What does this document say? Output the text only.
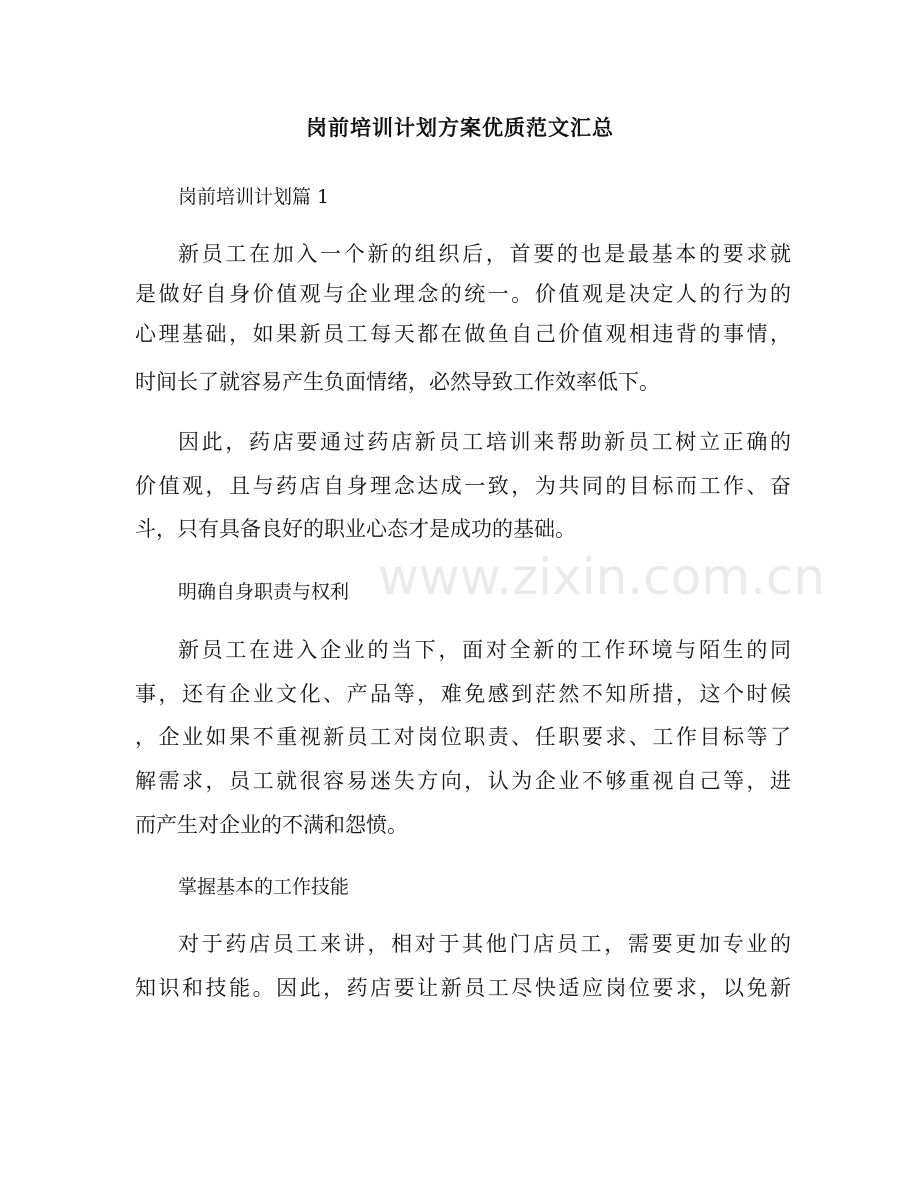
岗前培训计划方案优质范文汇总
岗前培训计划篇 1
新员工在加入一个新的组织后，首要的也是最基本的要求就
是做好自身价值观与企业理念的统一。价值观是决定人的行为的
心理基础，如果新员工每天都在做鱼自己价值观相违背的事情，
时间长了就容易产生负面情绪，必然导致工作效率低下。
因此，药店要通过药店新员工培训来帮助新员工树立正确的
价值观，且与药店自身理念达成一致，为共同的目标而工作、奋
斗，只有具备良好的职业心态才是成功的基础。
明确自身职责与权利
新员工在进入企业的当下，面对全新的工作环境与陌生的同
事，还有企业文化、产品等，难免感到茫然不知所措，这个时候
，企业如果不重视新员工对岗位职责、任职要求、工作目标等了
解需求，员工就很容易迷失方向，认为企业不够重视自己等，进
而产生对企业的不满和怨愤。
掌握基本的工作技能
对于药店员工来讲，相对于其他门店员工，需要更加专业的
知识和技能。因此，药店要让新员工尽快适应岗位要求，以免新
www.zixin.com.cn
